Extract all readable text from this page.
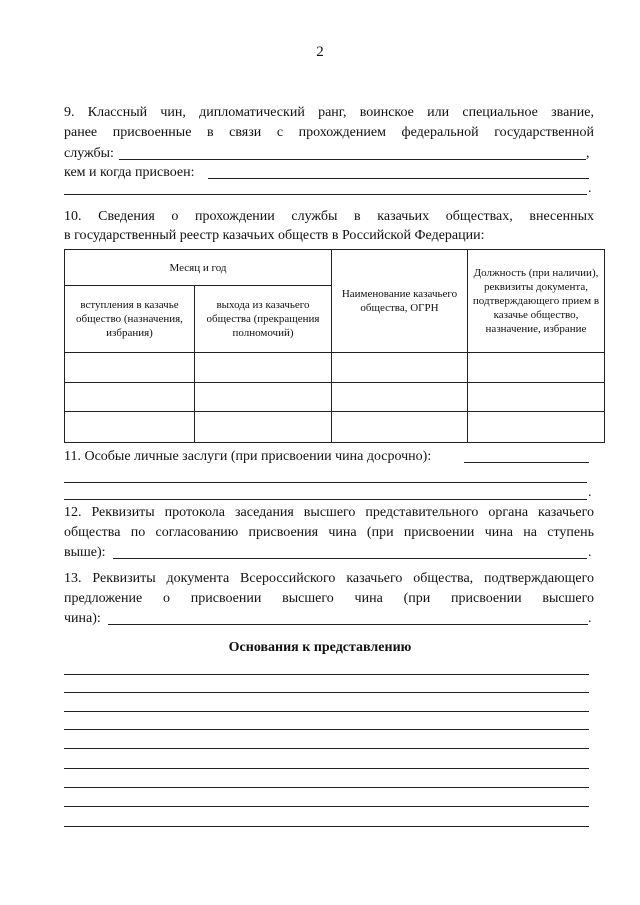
2
9. Классный чин, дипломатический ранг, воинское или специальное звание,
ранее присвоенные в связи с прохождением федеральной государственной
службы:	,
кем и когда присвоен:
.
10. Сведения о прохождении службы в казачьих обществах, внесенных
в государственный реестр казачьих обществ в Российской Федерации:
Месяц и год		Наименование казачьего общества, ОГРН	Должность (при наличии), реквизиты документа, подтверждающего прием в казачье общество, назначение, избрание
вступления в казачье общество (назначения, избрания)	выхода из казачьего общества (прекращения полномочий)		

11. Особые личные заслуги (при присвоении чина досрочно):
.
12. Реквизиты протокола заседания высшего представительного органа казачьего
общества по согласованию присвоения чина (при присвоении чина на ступень
выше):	.
13. Реквизиты документа Всероссийского казачьего общества, подтверждающего
предложение о присвоении высшего чина (при присвоении высшего
чина):	.
Основания к представлению
